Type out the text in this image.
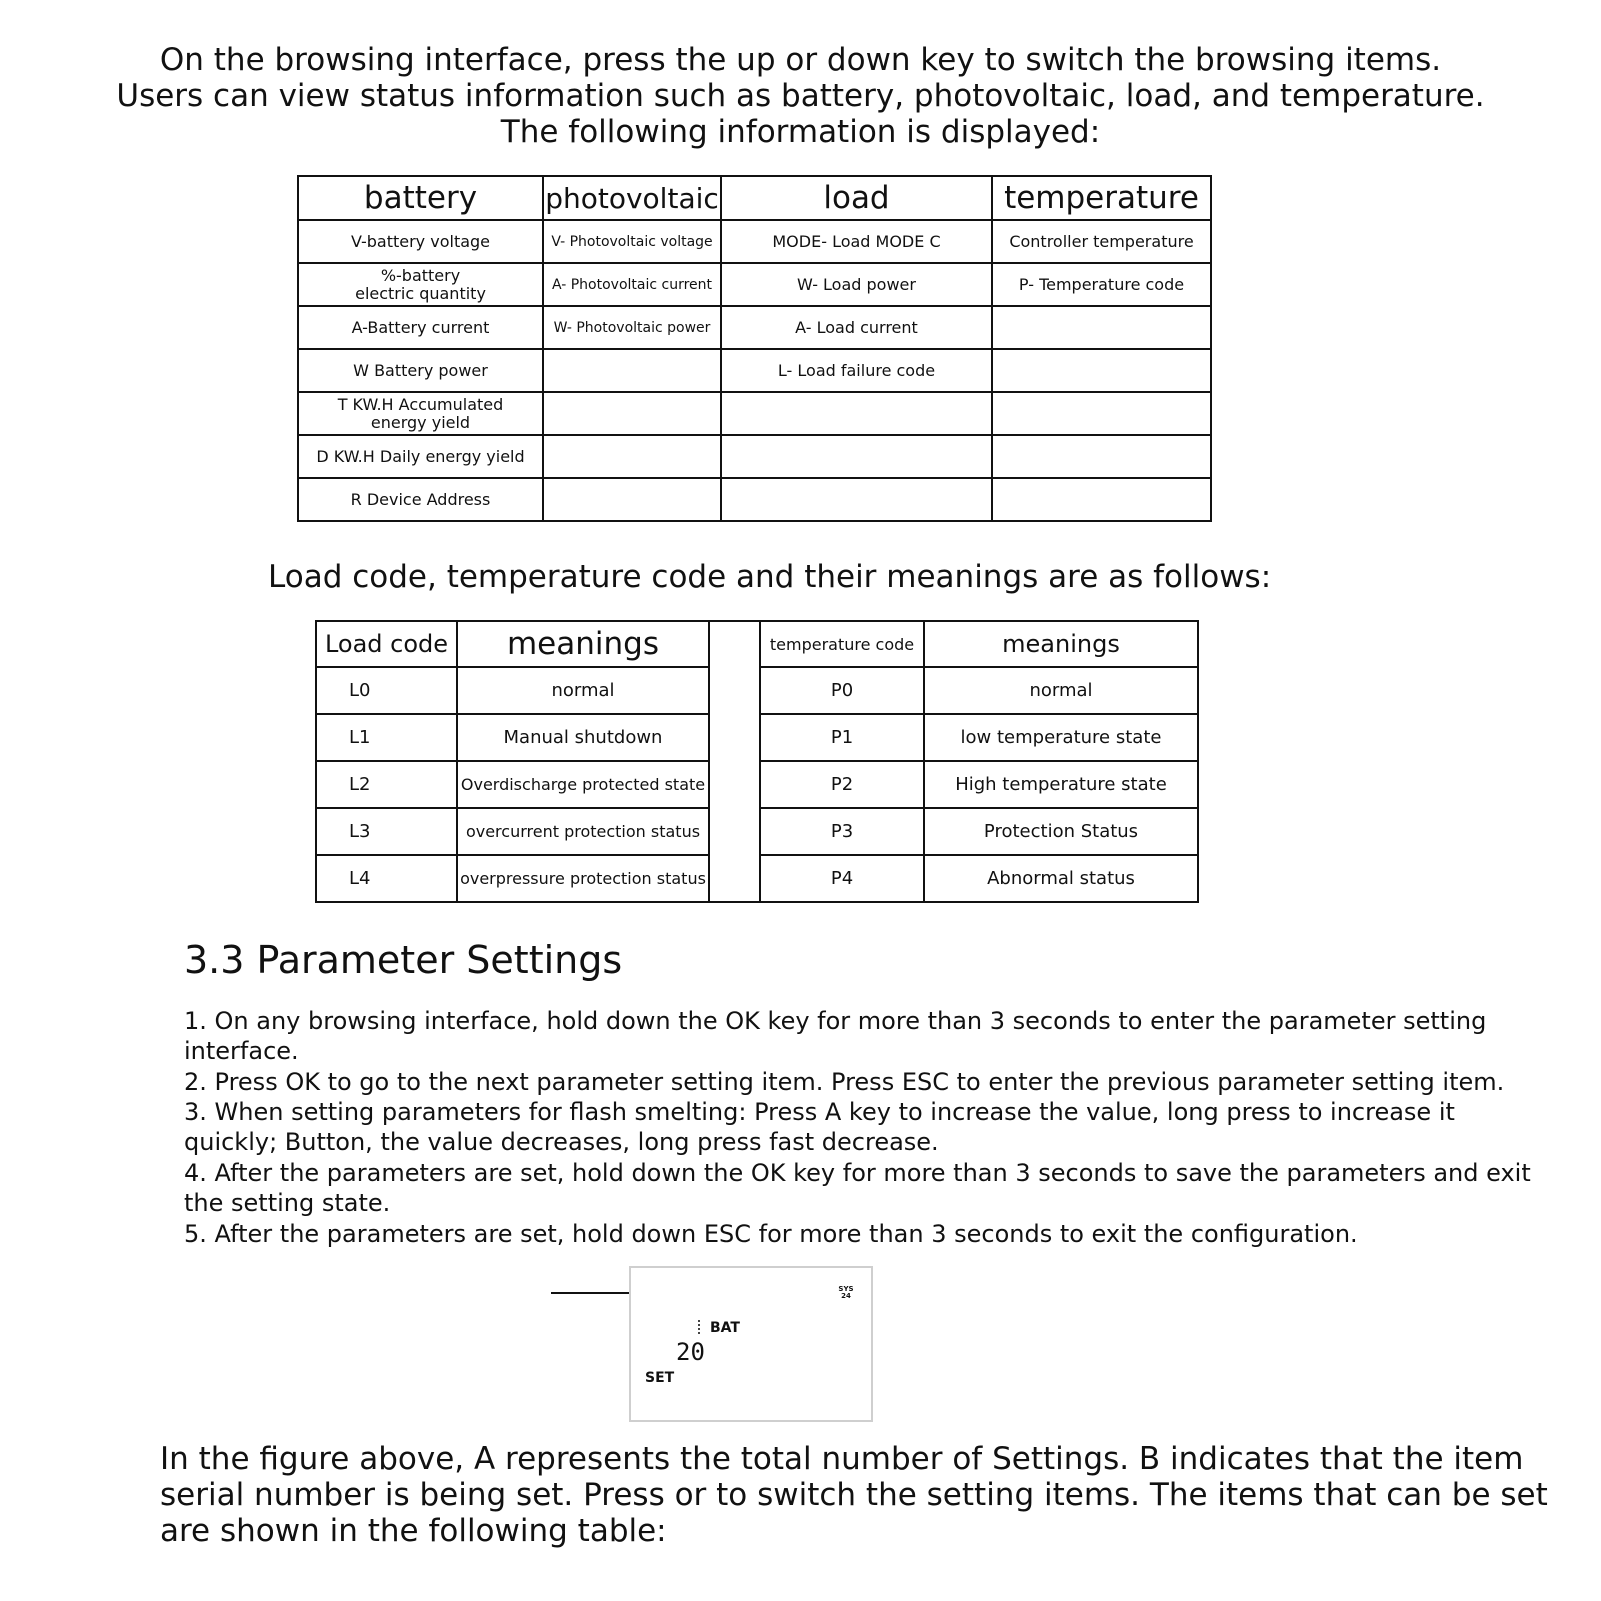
On the browsing interface, press the up or down key to switch the browsing items.
Users can view status information such as battery, photovoltaic, load, and temperature.
The following information is displayed:
battery	photovoltaic	load	temperature
V-battery voltage	V- Photovoltaic voltage	MODE- Load MODE C	Controller temperature
%-battery electric quantity	A- Photovoltaic current	W- Load power	P- Temperature code
A-Battery current	W- Photovoltaic power	A- Load current	
W Battery power		L- Load failure code	
T KW.H Accumulated energy yield			
D KW.H Daily energy yield			
R Device Address			
Load code, temperature code and their meanings are as follows:
Load code	meanings		temperature code	meanings
L0	normal		P0	normal
L1	Manual shutdown		P1	low temperature state
L2	Overdischarge protected state		P2	High temperature state
L3	overcurrent protection status		P3	Protection Status
L4	overpressure protection status		P4	Abnormal status
3.3 Parameter Settings
1. On any browsing interface, hold down the OK key for more than 3 seconds to enter the parameter setting interface.
2. Press OK to go to the next parameter setting item. Press ESC to enter the previous parameter setting item.
3. When setting parameters for flash smelting: Press A key to increase the value, long press to increase it quickly; Button, the value decreases, long press fast decrease.
4. After the parameters are set, hold down the OK key for more than 3 seconds to save the parameters and exit the setting state.
5. After the parameters are set, hold down ESC for more than 3 seconds to exit the configuration.
SYS 24
BAT
20
SET
In the figure above, A represents the total number of Settings. B indicates that the item serial number is being set. Press or to switch the setting items. The items that can be set are shown in the following table:
